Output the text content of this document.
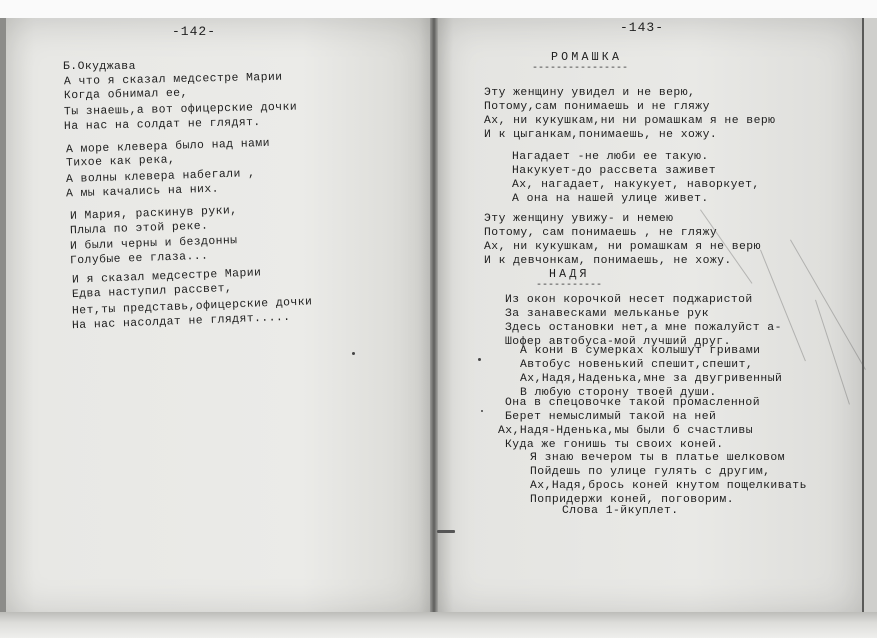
-142-
Б.Окуджава
А что я сказал медсестре Марии
Когда обнимал ее,
Ты знаешь,а вот офицерские дочки
На нас на солдат не глядят.
А море клевера было над нами
Тихое как река,
А волны клевера набегали ,
А мы качались на них.
И Мария, раскинув руки,
Плыла по этой реке.
И были черны и бездонны
Голубые ее глаза...
И я сказал медсестре Марии
Едва наступил рассвет,
Нет,ты представь,офицерские дочки
На нас насолдат не глядят.....
-143-
РОМАШКА
----------------
Эту женщину увидел и не верю,
Потому,сам понимаешь и не гляжу
Ах, ни кукушкам,ни ни ромашкам я не верю
И к цыганкам,понимаешь, не хожу.
Нагадает -не люби ее такую.
Накукует-до рассвета заживет
Ах, нагадает, накукует, наворкует,
А она на нашей улице живет.
Эту женщину увижу- и немею
Потому, сам понимаешь , не гляжу
Ах, ни кукушкам, ни ромашкам я не верю
И к девчонкам, понимаешь, не хожу.
НАДЯ
-----------
Из окон корочкой несет поджаристой
За занавесками мельканье рук
Здесь остановки нет,а мне пожалуйст а-
Шофер автобуса-мой лучший друг.
А кони в сумерках колышут гривами
Автобус новенький спешит,спешит,
Ах,Надя,Наденька,мне за двугривенный
В любую сторону твоей души.
Она в спецовочке такой промасленной
Берет немыслимый такой на ней
Ах,Надя-Нденька,мы были б счастливы
Куда же гонишь ты своих коней.
Я знаю вечером ты в платье шелковом
Пойдешь по улице гулять с другим,
Ах,Надя,брось коней кнутом пощелкивать
Попридержи коней, поговорим.
Слова 1-йкуплет.
